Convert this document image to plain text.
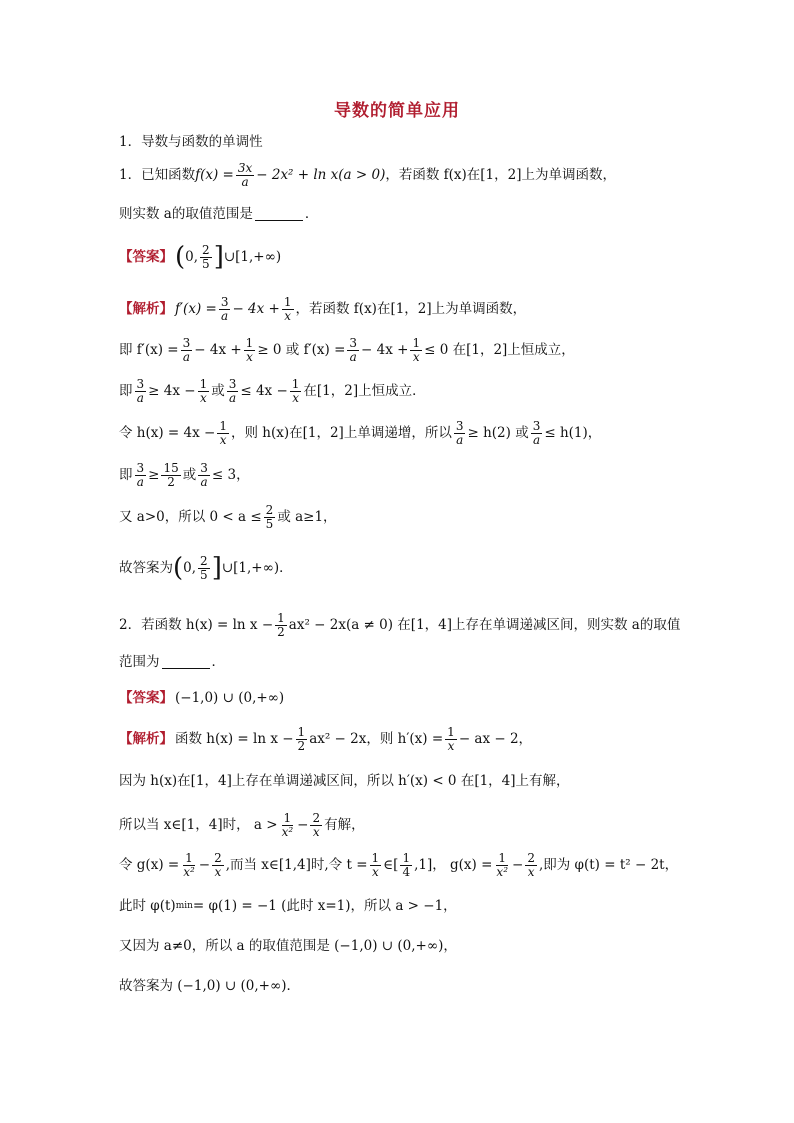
导数的简单应用
1．导数与函数的单调性
1．已知函数 $f(x) = \frac{3x}{a} - 2x^2 + \ln x(a > 0)$ ，若函数 f(x)在[1，2]上为单调函数，
则实数 a的取值范围是	．
【答案】 ( 0, 2
5 ] ∪[1,+∞)
【解析】 $f'(x) = \frac{3}{a} - 4x + \frac{1}{x}$ ，若函数 f(x)在[1，2]上为单调函数，
即 $f'(x) = \frac{3}{a} - 4x + \frac{1}{x} \ge 0$ 或 $f'(x) = \frac{3}{a} - 4x + \frac{1}{x} \le 0$ 在[1，2]上恒成立，
即 $\frac{3}{a} \ge 4x - \frac{1}{x}$ 或 $\frac{3}{a} \le 4x - \frac{1}{x}$ 在[1，2]上恒成立．
令 $h(x) = 4x - \frac{1}{x}$ ，则 h(x)在[1，2]上单调递增，所以 $\frac{3}{a} \ge h(2)$ 或 $\frac{3}{a} \le h(1)$，
即 $\frac{3}{a} \ge \frac{15}{2}$ 或 $\frac{3}{a} \le 3$，
又 a>0，所以 $0 < a \le \frac{2}{5}$ 或 a≥1，
故答案为 ( 0, 2
5 ] ∪[1,+∞) ．
2．若函数 $h(x) = \ln x - \frac{1}{2} ax^2 - 2x(a \ne 0)$ 在[1，4]上存在单调递减区间，则实数 a的取值
范围为	．
【答案】 (−1,0) ∪ (0,+∞)
【解析】 函数 $h(x) = \ln x - \frac{1}{2} ax^2 - 2x$，则 $h'(x) = \frac{1}{x}$ − ax − 2，
因为 h(x)在[1，4]上存在单调递减区间，所以 h′(x) < 0 在[1，4]上有解，
所以当 x∈[1，4]时， a > 1
$x^2 - \frac{2}{x}$ 有解，
令 $g(x) = \frac{1}{\text{x²}} - \frac{2}{x}$ ,而当 x∈[1,4]时,令 $t = \frac{1}{x}$ ∈[ 1
4 ,1]， $g(x) = \frac{1}{\text{x²}} - \frac{2}{x}$ ,即为 φ(t) = t² − 2t，
此时 φ(t) min = φ(1) = −1 (此时 x=1)，所以 a > −1，
又因为 a≠0，所以 a 的取值范围是 (−1,0) ∪ (0,+∞)，
故答案为 (−1,0) ∪ (0,+∞)．
